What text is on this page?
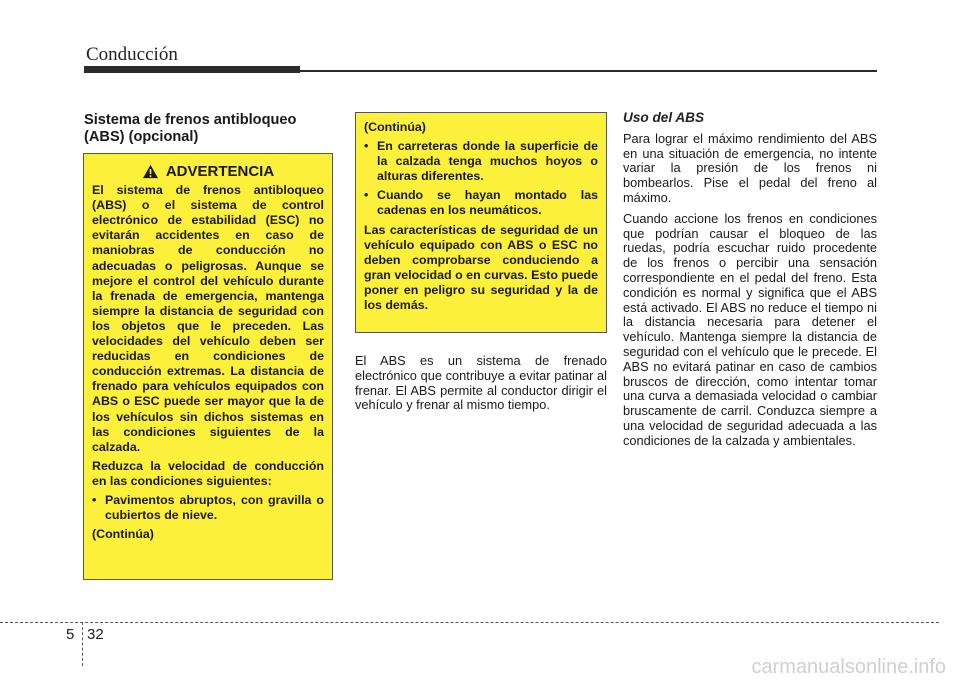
Conducción
Sistema de frenos antibloqueo (ABS) (opcional)
ADVERTENCIA

El sistema de frenos antibloqueo (ABS) o el sistema de control electrónico de estabilidad (ESC) no evitarán accidentes en caso de maniobras de conducción no adecuadas o peligrosas. Aunque se mejore el control del vehículo durante la frenada de emergencia, mantenga siempre la distancia de seguridad con los objetos que le preceden. Las velocidades del vehículo deben ser reducidas en condiciones de conducción extremas. La distancia de frenado para vehículos equipados con ABS o ESC puede ser mayor que la de los vehículos sin dichos sistemas en las condiciones siguientes de la calzada.

Reduzca la velocidad de conducción en las condiciones siguientes:

• Pavimentos abruptos, con gravilla o cubiertos de nieve.

(Continúa)

(Continúa)

• En carreteras donde la superficie de la calzada tenga muchos hoyos o alturas diferentes.
• Cuando se hayan montado las cadenas en los neumáticos.

Las características de seguridad de un vehículo equipado con ABS o ESC no deben comprobarse conduciendo a gran velocidad o en curvas. Esto puede poner en peligro su seguridad y la de los demás.

El ABS es un sistema de frenado electrónico que contribuye a evitar patinar al frenar. El ABS permite al conductor dirigir el vehículo y frenar al mismo tiempo.

Uso del ABS

Para lograr el máximo rendimiento del ABS en una situación de emergencia, no intente variar la presión de los frenos ni bombearlos. Pise el pedal del freno al máximo.

Cuando accione los frenos en condiciones que podrían causar el bloqueo de las ruedas, podría escuchar ruido procedente de los frenos o percibir una sensación correspondiente en el pedal del freno. Esta condición es normal y significa que el ABS está activado. El ABS no reduce el tiempo ni la distancia necesaria para detener el vehículo. Mantenga siempre la distancia de seguridad con el vehículo que le precede. El ABS no evitará patinar en caso de cambios bruscos de dirección, como intentar tomar una curva a demasiada velocidad o cambiar bruscamente de carril. Conduzca siempre a una velocidad de seguridad adecuada a las condiciones de la calzada y ambientales.

5 32
carmanualsonline.info
